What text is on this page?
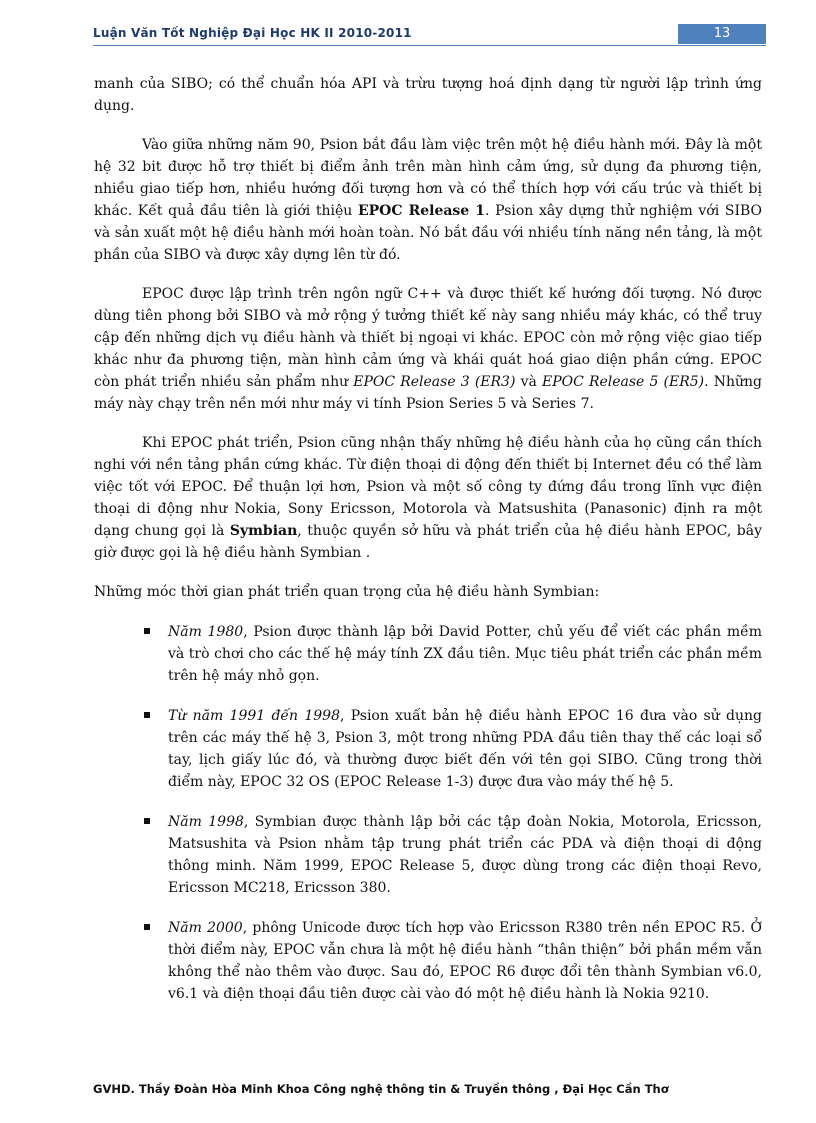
Luận Văn Tốt Nghiệp Đại Học HK II 2010-2011	13

manh của SIBO; có thể chuẩn hóa API và trừu tượng hoá định dạng từ người lập trình ứng dụng.

Vào giữa những năm 90, Psion bắt đầu làm việc trên một hệ điều hành mới. Đây là một hệ 32 bit được hỗ trợ thiết bị điểm ảnh trên màn hình cảm ứng, sử dụng đa phương tiện, nhiều giao tiếp hơn, nhiều hướng đối tượng hơn và có thể thích hợp với cấu trúc và thiết bị khác. Kết quả đầu tiên là giới thiệu EPOC Release 1. Psion xây dựng thử nghiệm với SIBO và sản xuất một hệ điều hành mới hoàn toàn. Nó bắt đầu với nhiều tính năng nền tảng, là một phần của SIBO và được xây dựng lên từ đó.

EPOC được lập trình trên ngôn ngữ C++ và được thiết kế hướng đối tượng. Nó được dùng tiên phong bởi SIBO và mở rộng ý tưởng thiết kế này sang nhiều máy khác, có thể truy cập đến những dịch vụ điều hành và thiết bị ngoại vi khác. EPOC còn mở rộng việc giao tiếp khác như đa phương tiện, màn hình cảm ứng và khái quát hoá giao diện phần cứng. EPOC còn phát triển nhiều sản phẩm như EPOC Release 3 (ER3) và EPOC Release 5 (ER5). Những máy này chạy trên nền mới như máy vi tính Psion Series 5 và Series 7.

Khi EPOC phát triển, Psion cũng nhận thấy những hệ điều hành của họ cũng cần thích nghi với nền tảng phần cứng khác. Từ điện thoại di động đến thiết bị Internet đều có thể làm việc tốt với EPOC. Để thuận lợi hơn, Psion và một số công ty đứng đầu trong lĩnh vực điện thoại di động như Nokia, Sony Ericsson, Motorola và Matsushita (Panasonic) định ra một dạng chung gọi là Symbian, thuộc quyền sở hữu và phát triển của hệ điều hành EPOC, bây giờ được gọi là hệ điều hành Symbian .

Những móc thời gian phát triển quan trọng của hệ điều hành Symbian:

Năm 1980, Psion được thành lập bởi David Potter, chủ yếu để viết các phần mềm và trò chơi cho các thế hệ máy tính ZX đầu tiên. Mục tiêu phát triển các phần mềm trên hệ máy nhỏ gọn.
Từ năm 1991 đến 1998, Psion xuất bản hệ điều hành EPOC 16 đưa vào sử dụng trên các máy thế hệ 3, Psion 3, một trong những PDA đầu tiên thay thế các loại sổ tay, lịch giấy lúc đó, và thường được biết đến với tên gọi SIBO. Cũng trong thời điểm này, EPOC 32 OS (EPOC Release 1-3) được đưa vào máy thế hệ 5.
Năm 1998, Symbian được thành lập bởi các tập đoàn Nokia, Motorola, Ericsson, Matsushita và Psion nhằm tập trung phát triển các PDA và điện thoại di động thông minh. Năm 1999, EPOC Release 5, được dùng trong các điện thoại Revo, Ericsson MC218, Ericsson 380.
Năm 2000, phông Unicode được tích hợp vào Ericsson R380 trên nền EPOC R5. Ở thời điểm này, EPOC vẫn chưa là một hệ điều hành “thân thiện” bởi phần mềm vẫn không thể nào thêm vào được. Sau đó, EPOC R6 được đổi tên thành Symbian v6.0, v6.1 và điện thoại đầu tiên được cài vào đó một hệ điều hành là Nokia 9210.
GVHD. Thầy Đoàn Hòa Minh Khoa Công nghệ thông tin & Truyền thông , Đại Học Cần Thơ
